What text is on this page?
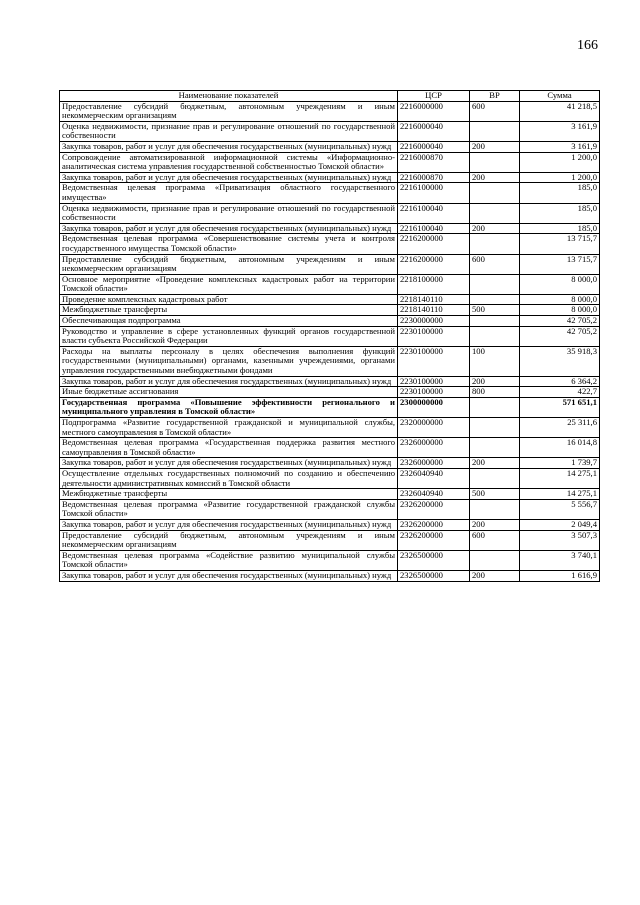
166
Наименование показателей	ЦСР	ВР	Сумма
Предоставление субсидий бюджетным, автономным учреждениям и иным некоммерческим организациям	2216000000	600	41 218,5
Оценка недвижимости, признание прав и регулирование отношений по государственной собственности	2216000040		3 161,9
Закупка товаров, работ и услуг для обеспечения государственных (муниципальных) нужд	2216000040	200	3 161,9
Сопровождение автоматизированной информационной системы «Информационно-аналитическая система управления государственной собственностью Томской области»	2216000870		1 200,0
Закупка товаров, работ и услуг для обеспечения государственных (муниципальных) нужд	2216000870	200	1 200,0
Ведомственная целевая программа «Приватизация областного государственного имущества»	2216100000		185,0
Оценка недвижимости, признание прав и регулирование отношений по государственной собственности	2216100040		185,0
Закупка товаров, работ и услуг для обеспечения государственных (муниципальных) нужд	2216100040	200	185,0
Ведомственная целевая программа «Совершенствование системы учета и контроля государственного имущества Томской области»	2216200000		13 715,7
Предоставление субсидий бюджетным, автономным учреждениям и иным некоммерческим организациям	2216200000	600	13 715,7
Основное мероприятие «Проведение комплексных кадастровых работ на территории Томской области»	2218100000		8 000,0
Проведение комплексных кадастровых работ	2218140110		8 000,0
Межбюджетные трансферты	2218140110	500	8 000,0
Обеспечивающая подпрограмма	2230000000		42 705,2
Руководство и управление в сфере установленных функций органов государственной власти субъекта Российской Федерации	2230100000		42 705,2
Расходы на выплаты персоналу в целях обеспечения выполнения функций государственными (муниципальными) органами, казенными учреждениями, органами управления государственными внебюджетными фондами	2230100000	100	35 918,3
Закупка товаров, работ и услуг для обеспечения государственных (муниципальных) нужд	2230100000	200	6 364,2
Иные бюджетные ассигнования	2230100000	800	422,7
Государственная программа «Повышение эффективности регионального и муниципального управления в Томской области»	2300000000		571 651,1
Подпрограмма «Развитие государственной гражданской и муниципальной службы, местного самоуправления в Томской области»	2320000000		25 311,6
Ведомственная целевая программа «Государственная поддержка развития местного самоуправления в Томской области»	2326000000		16 014,8
Закупка товаров, работ и услуг для обеспечения государственных (муниципальных) нужд	2326000000	200	1 739,7
Осуществление отдельных государственных полномочий по созданию и обеспечению деятельности административных комиссий в Томской области	2326040940		14 275,1
Межбюджетные трансферты	2326040940	500	14 275,1
Ведомственная целевая программа «Развитие государственной гражданской службы Томской области»	2326200000		5 556,7
Закупка товаров, работ и услуг для обеспечения государственных (муниципальных) нужд	2326200000	200	2 049,4
Предоставление субсидий бюджетным, автономным учреждениям и иным некоммерческим организациям	2326200000	600	3 507,3
Ведомственная целевая программа «Содействие развитию муниципальной службы Томской области»	2326500000		3 740,1
Закупка товаров, работ и услуг для обеспечения государственных (муниципальных) нужд	2326500000	200	1 616,9
